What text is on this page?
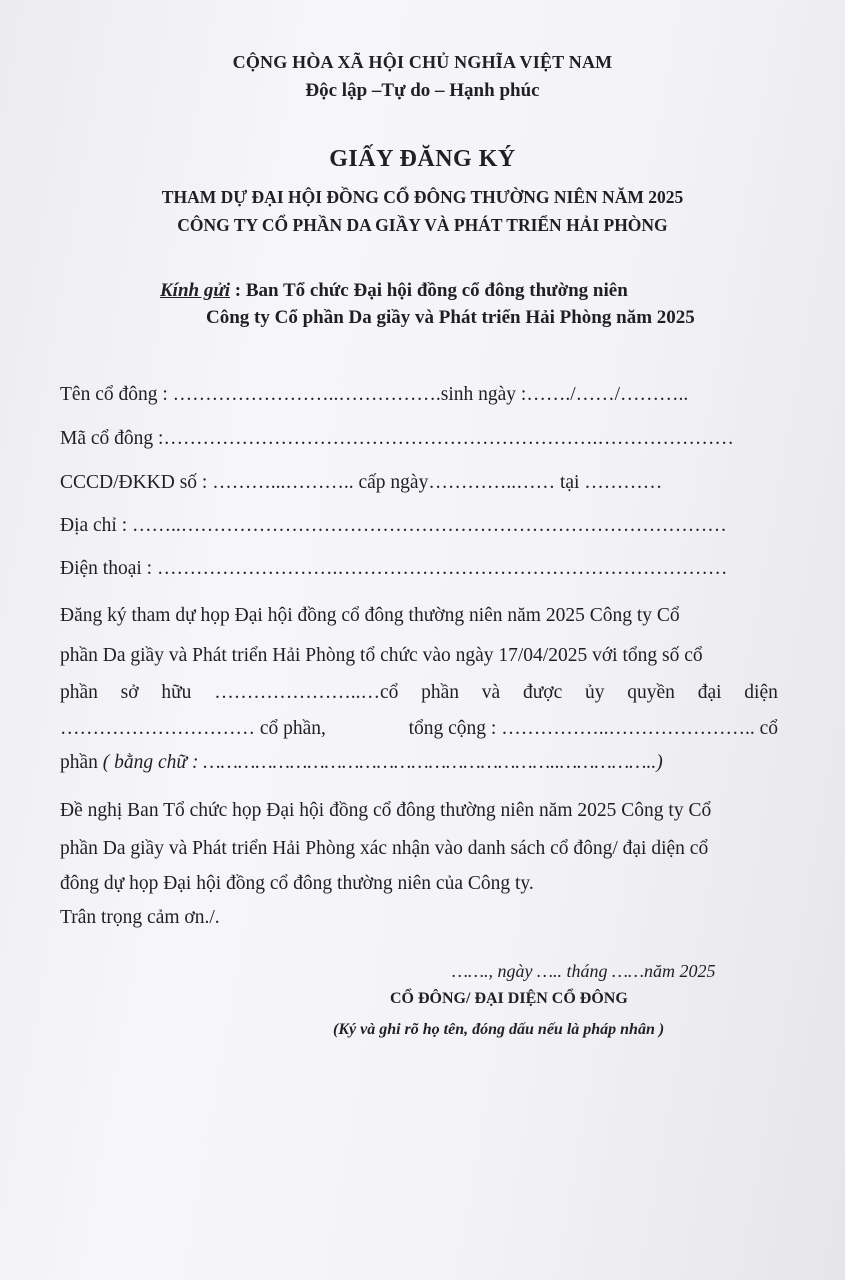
CỘNG HÒA XÃ HỘI CHỦ NGHĨA VIỆT NAM
Độc lập –Tự do – Hạnh phúc
GIẤY ĐĂNG KÝ
THAM DỰ ĐẠI HỘI ĐỒNG CỔ ĐÔNG THƯỜNG NIÊN NĂM 2025
CÔNG TY CỔ PHẦN DA GIẦY VÀ PHÁT TRIỂN HẢI PHÒNG
Kính gửi : Ban Tổ chức Đại hội đồng cổ đông thường niên
Công ty Cổ phần Da giầy và Phát triển Hải Phòng năm 2025
Tên cổ đông : ……………………..…………….sinh ngày :……./……/………..
Mã cổ đông :………………………………………………………….…………………
CCCD/ĐKKD số : ………...……….. cấp ngày…………..…… tại …………
Địa chỉ : ……..…………………………………………………………………………
Điện thoại : ……………………….……………………………………………………
Đăng ký tham dự họp Đại hội đồng cổ đông thường niên năm 2025 Công ty Cổ
phần Da giầy và Phát triển Hải Phòng tổ chức vào ngày 17/04/2025 với tổng số cổ
phần sở hữu …………………..…cổ phần và được ủy quyền đại diện
………………………… cổ phần,	tổng cộng : ……………..………………….. cổ
phần ( bằng chữ : ……………………………………………………..……………..)
Đề nghị Ban Tổ chức họp Đại hội đồng cổ đông thường niên năm 2025 Công ty Cổ
phần Da giầy và Phát triển Hải Phòng xác nhận vào danh sách cổ đông/ đại diện cổ
đông dự họp Đại hội đồng cổ đông thường niên của Công ty.
Trân trọng cảm ơn./.
……., ngày ….. tháng ……năm 2025
CỔ ĐÔNG/ ĐẠI DIỆN CỔ ĐÔNG
(Ký và ghi rõ họ tên, đóng dấu nếu là pháp nhân )
